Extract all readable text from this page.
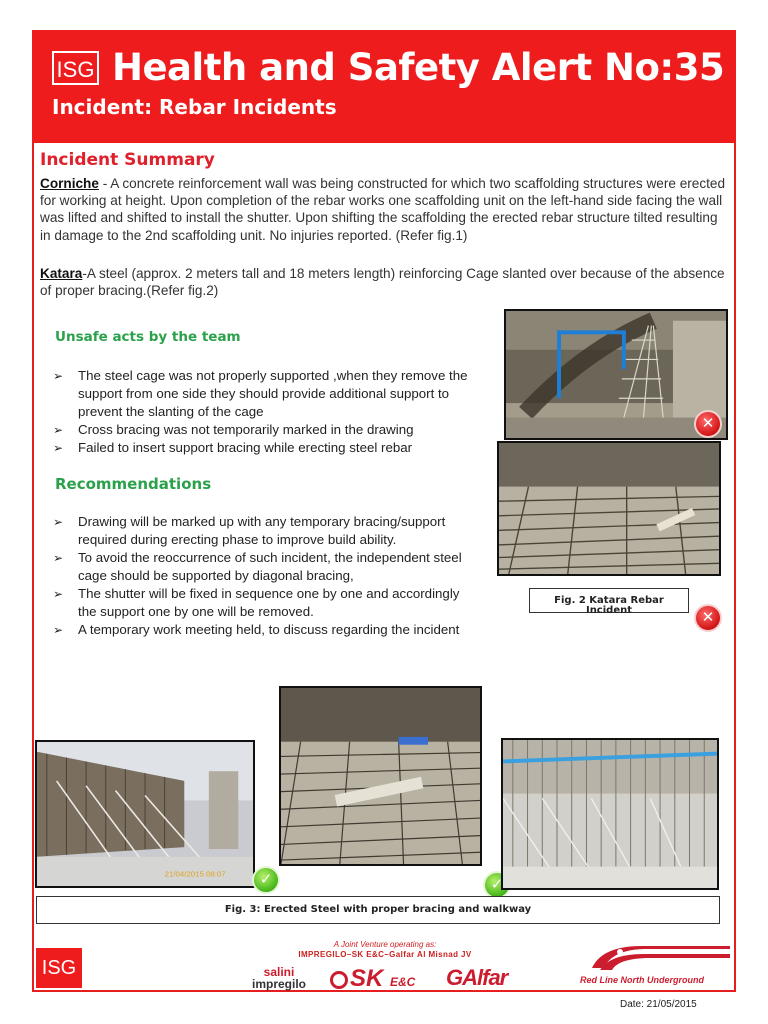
ISG Health and Safety Alert No:35
Incident: Rebar Incidents
Incident Summary
Corniche - A concrete reinforcement wall was being constructed for which two scaffolding structures were erected for working at height. Upon completion of the rebar works one scaffolding unit on the left-hand side facing the wall was lifted and shifted to install the shutter. Upon shifting the scaffolding the erected rebar structure tilted resulting in damage to the 2nd scaffolding unit. No injuries reported. (Refer fig.1)
Katara-A steel (approx. 2 meters tall and 18 meters length) reinforcing Cage slanted over because of the absence of proper bracing.(Refer fig.2)
Unsafe acts by the team
➢ The steel cage was not properly supported ,when they remove the support from one side they should provide additional support to prevent the slanting of the cage
➢ Cross bracing was not temporarily marked in the drawing
➢ Failed to insert support bracing while erecting steel rebar
Recommendations
➢ Drawing will be marked up with any temporary bracing/support required during erecting phase to improve build ability.
➢ To avoid the reoccurrence of such incident, the independent steel cage should be supported by diagonal bracing,
➢ The shutter will be fixed in sequence one by one and accordingly the support one by one will be removed.
➢ A temporary work meeting held, to discuss regarding the incident
✕
Fig. 2 Katara Rebar Incident	✕
21/04/2015 08:07	✓	✓
Fig. 3: Erected Steel with proper bracing and walkway
ISG
A Joint Venture operating as:
IMPREGILO–SK E&C–Galfar Al Misnad JV
salini
impregilo	SK E&C GAlfar	Red Line North Underground
Date: 21/05/2015
